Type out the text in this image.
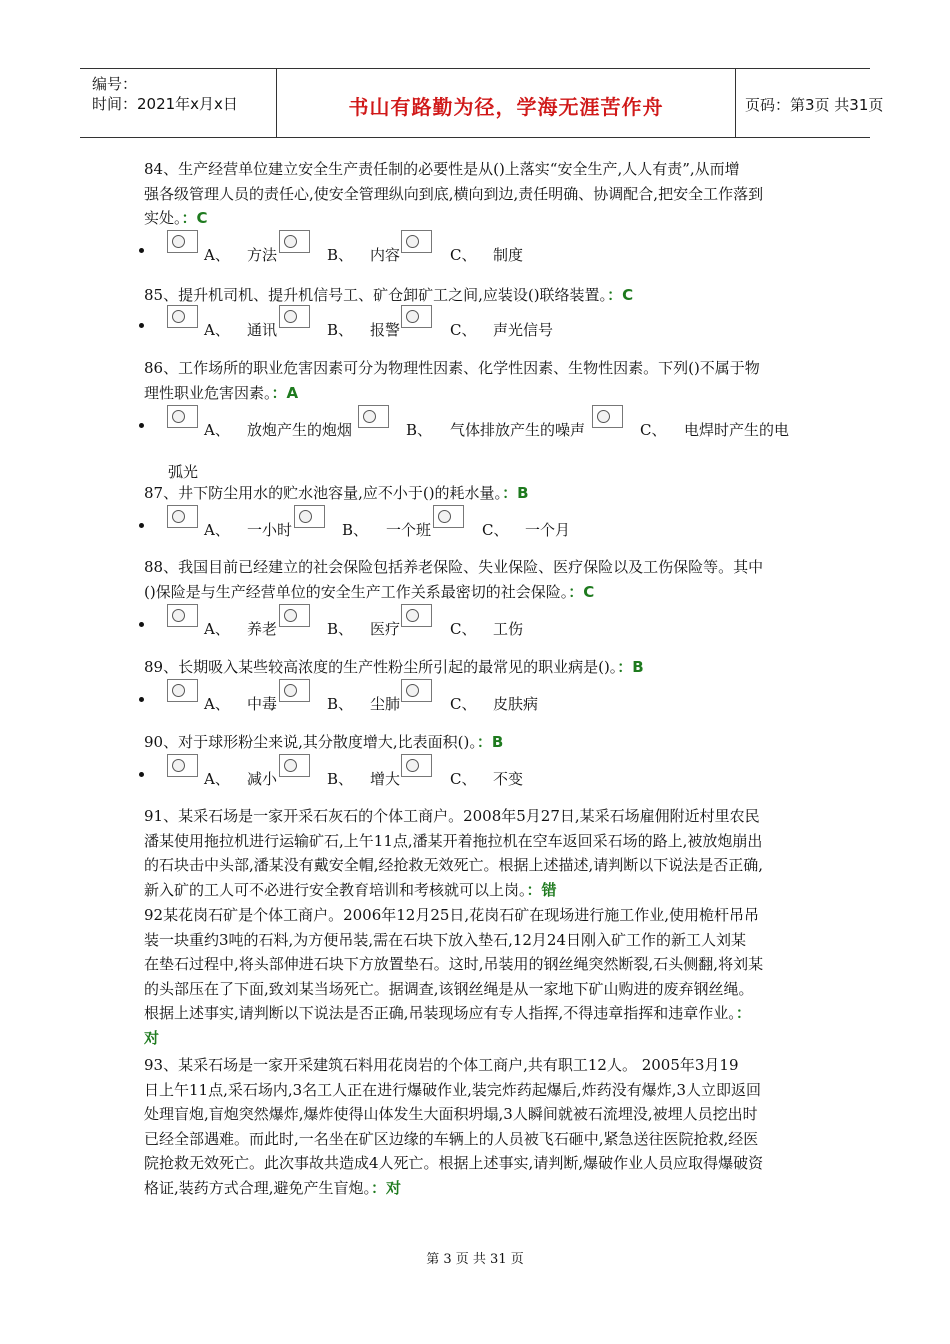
编号：
时间：2021年x月x日	书山有路勤为径，学海无涯苦作舟	页码：第3页 共31页
84、生产经营单位建立安全生产责任制的必要性是从()上落实“安全生产,人人有责”,从而增
强各级管理人员的责任心,使安全管理纵向到底,横向到边,责任明确、协调配合,把安全工作落到
实处。：C
A、 方法	B、 内容	C、 制度
85、提升机司机、提升机信号工、矿仓卸矿工之间,应装设()联络装置。：C
A、 通讯	B、 报警	C、 声光信号
86、工作场所的职业危害因素可分为物理性因素、化学性因素、生物性因素。下列()不属于物
理性职业危害因素。：A
A、 放炮产生的炮烟	B、 气体排放产生的噪声	C、 电焊时产生的电
弧光
87、井下防尘用水的贮水池容量,应不小于()的耗水量。：B
A、 一小时	B、 一个班	C、 一个月
88、我国目前已经建立的社会保险包括养老保险、失业保险、医疗保险以及工伤保险等。其中
()保险是与生产经营单位的安全生产工作关系最密切的社会保险。：C
A、 养老	B、 医疗	C、 工伤
89、长期吸入某些较高浓度的生产性粉尘所引起的最常见的职业病是()。：B
A、 中毒	B、 尘肺	C、 皮肤病
90、对于球形粉尘来说,其分散度增大,比表面积()。：B
A、 减小	B、 增大	C、 不变
91、某采石场是一家开采石灰石的个体工商户。2008年5月27日,某采石场雇佣附近村里农民
潘某使用拖拉机进行运输矿石,上午11点,潘某开着拖拉机在空车返回采石场的路上,被放炮崩出
的石块击中头部,潘某没有戴安全帽,经抢救无效死亡。根据上述描述,请判断以下说法是否正确,
新入矿的工人可不必进行安全教育培训和考核就可以上岗。：错
92某花岗石矿是个体工商户。2006年12月25日,花岗石矿在现场进行施工作业,使用桅杆吊吊
装一块重约3吨的石料,为方便吊装,需在石块下放入垫石,12月24日刚入矿工作的新工人刘某
在垫石过程中,将头部伸进石块下方放置垫石。这时,吊装用的钢丝绳突然断裂,石头侧翻,将刘某
的头部压在了下面,致刘某当场死亡。据调查,该钢丝绳是从一家地下矿山购进的废弃钢丝绳。
根据上述事实,请判断以下说法是否正确,吊装现场应有专人指挥,不得违章指挥和违章作业。：
对
93、某采石场是一家开采建筑石料用花岗岩的个体工商户,共有职工12人。 2005年3月19
日上午11点,采石场内,3名工人正在进行爆破作业,装完炸药起爆后,炸药没有爆炸,3人立即返回
处理盲炮,盲炮突然爆炸,爆炸使得山体发生大面积坍塌,3人瞬间就被石流埋没,被埋人员挖出时
已经全部遇难。而此时,一名坐在矿区边缘的车辆上的人员被飞石砸中,紧急送往医院抢救,经医
院抢救无效死亡。此次事故共造成4人死亡。根据上述事实,请判断,爆破作业人员应取得爆破资
格证,装药方式合理,避免产生盲炮。：对
第 3 页 共 31 页
